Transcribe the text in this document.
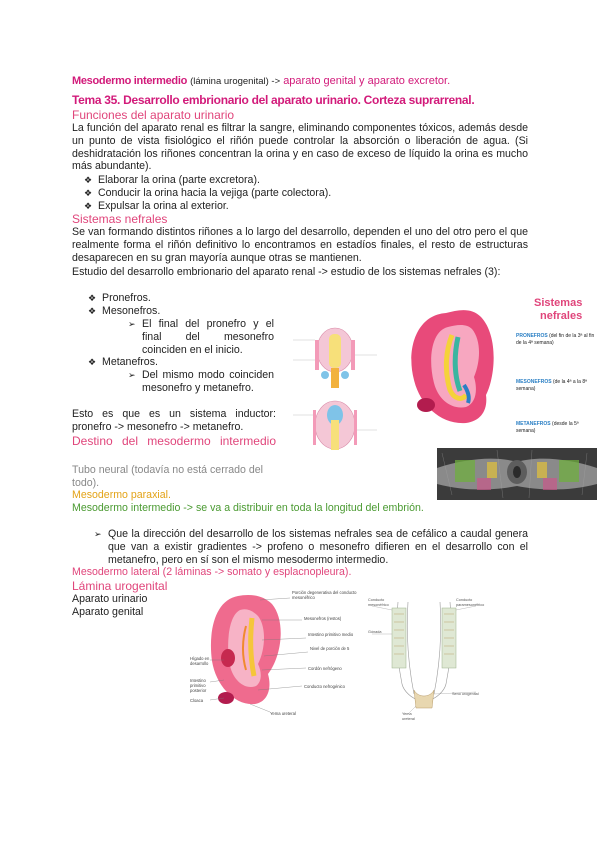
Mesodermo intermedio (lámina urogenital) -> aparato genital y aparato excretor.
Tema 35. Desarrollo embrionario del aparato urinario. Corteza suprarrenal.
Funciones del aparato urinario
La función del aparato renal es filtrar la sangre, eliminando componentes tóxicos, además desde un punto de vista fisiológico el riñón puede controlar la absorción o liberación de agua. (Si deshidratación los riñones concentran la orina y en caso de exceso de líquido la orina es mucho más abundante).
❖ Elaborar la orina (parte excretora).
❖ Conducir la orina hacia la vejiga (parte colectora).
❖ Expulsar la orina al exterior.
Sistemas nefrales
Se van formando distintos riñones a lo largo del desarrollo, dependen el uno del otro pero el que realmente forma el riñón definitivo lo encontramos en estadíos finales, el resto de estructuras desaparecen en su gran mayoría aunque otras se mantienen.
Estudio del desarrollo embrionario del aparato renal -> estudio de los sistemas nefrales (3):
❖ Pronefros.
❖ Mesonefros.
➢ El final del pronefro y el final del mesonefro coinciden en el inicio.
❖ Metanefros.
➢ Del mismo modo coinciden mesonefro y metanefro.
Esto es que es un sistema inductor: pronefro -> mesonefro -> metanefro.
Destino del mesodermo intermedio
Tubo neural (todavía no está cerrado del todo).
Mesodermo paraxial.
Mesodermo intermedio -> se va a distribuir en toda la longitud del embrión.
➢ Que la dirección del desarrollo de los sistemas nefrales sea de cefálico a caudal genera que van a existir gradientes -> profeno o mesonefro difieren en el desarrollo con el metanefro, pero en sí son el mismo mesodermo intermedio.
Mesodermo lateral (2 láminas -> somato y esplacnopleura).
Lámina urogenital
Aparato urinario
Aparato genital
Sistemas
nefrales
PRONEFROS (del fin de la 3ª al fin de la 4ª semana)
MESONEFROS (de la 4ª a la 8ª semana)
METANEFROS (desde la 5ª semana)
Porción degenerativa del conducto mesonéfrico
Mesonefros (restos)
Intestino primitivo medio
Nivel de porción de 5
Cordón nefrógeno
Hígado en desarrollo
Intestino primitivo posterior
Conducto nefrogénico
Cloaca
Yema ureteral
Conducto mesonéfrico
Conducto paramesonéfrico
Gónada
Seno urogenital
Yema ureteral
